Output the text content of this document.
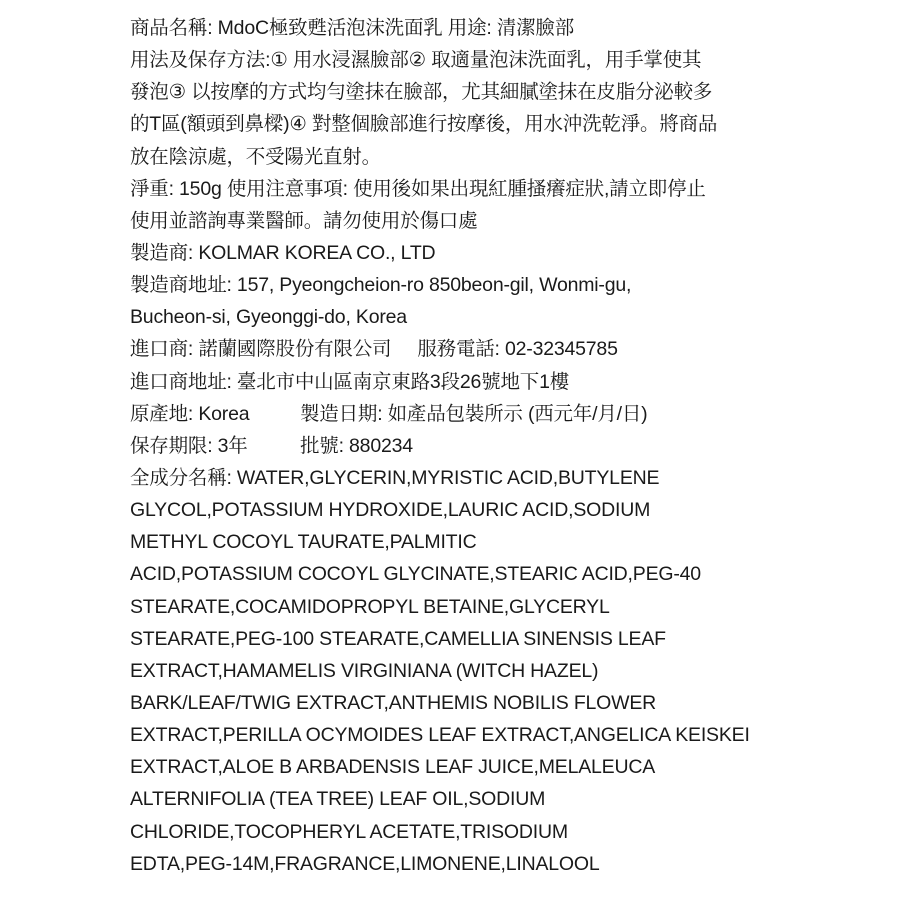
商品名稱: MdoC極致甦活泡沫洗面乳 用途: 清潔臉部
用法及保存方法:① 用水浸濕臉部② 取適量泡沫洗面乳，用手掌使其
發泡③ 以按摩的方式均勻塗抹在臉部，尤其細膩塗抹在皮脂分泌較多
的T區(額頭到鼻樑)④ 對整個臉部進行按摩後，用水沖洗乾淨。將商品
放在陰涼處，不受陽光直射。
淨重: 150g 使用注意事項: 使用後如果出現紅腫搔癢症狀,請立即停止
使用並諮詢專業醫師。請勿使用於傷口處
製造商: KOLMAR KOREA CO., LTD
製造商地址: 157, Pyeongcheion-ro 850beon-gil, Wonmi-gu,
Bucheon-si, Gyeonggi-do, Korea
進口商: 諾蘭國際股份有限公司 服務電話: 02-32345785
進口商地址: 臺北市中山區南京東路3段26號地下1樓
原產地: Korea	製造日期: 如產品包裝所示 (西元年/月/日)
保存期限: 3年	批號: 880234
全成分名稱: WATER,GLYCERIN,MYRISTIC ACID,BUTYLENE
GLYCOL,POTASSIUM HYDROXIDE,LAURIC ACID,SODIUM
METHYL COCOYL TAURATE,PALMITIC
ACID,POTASSIUM COCOYL GLYCINATE,STEARIC ACID,PEG-40
STEARATE,COCAMIDOPROPYL BETAINE,GLYCERYL
STEARATE,PEG-100 STEARATE,CAMELLIA SINENSIS LEAF
EXTRACT,HAMAMELIS VIRGINIANA (WITCH HAZEL)
BARK/LEAF/TWIG EXTRACT,ANTHEMIS NOBILIS FLOWER
EXTRACT,PERILLA OCYMOIDES LEAF EXTRACT,ANGELICA KEISKEI
EXTRACT,ALOE B ARBADENSIS LEAF JUICE,MELALEUCA
ALTERNIFOLIA (TEA TREE) LEAF OIL,SODIUM
CHLORIDE,TOCOPHERYL ACETATE,TRISODIUM
EDTA,PEG-14M,FRAGRANCE,LIMONENE,LINALOOL
